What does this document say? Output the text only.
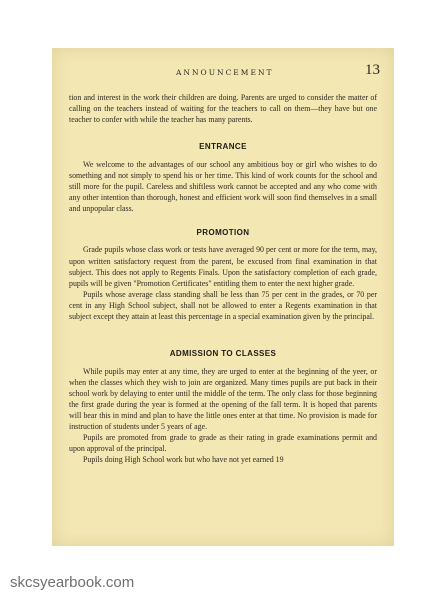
ANNOUNCEMENT	13

tion and interest in the work their children are doing. Parents are urged to consider the matter of calling on the teachers instead of waiting for the teachers to call on them—they have but one teacher to confer with while the teacher has many parents.

ENTRANCE

We welcome to the advantages of our school any ambitious boy or girl who wishes to do something and not simply to spend his or her time. This kind of work counts for the school and still more for the pupil. Careless and shiftless work cannot be accepted and any who come with any other intention than thorough, honest and efficient work will soon find themselves in a small and unpopular class.

PROMOTION

Grade pupils whose class work or tests have averaged 90 per cent or more for the term, may, upon written satisfactory request from the parent, be excused from final examination in that subject. This does not apply to Regents Finals. Upon the satisfactory completion of each grade, pupils will be given "Promotion Certificates" entitling them to enter the next higher grade.

Pupils whose average class standing shall be less than 75 per cent in the grades, or 70 per cent in any High School subject, shall not be allowed to enter a Regents examination in that subject except they attain at least this percentage in a special examination given by the principal.

ADMISSION TO CLASSES

While pupils may enter at any time, they are urged to enter at the beginning of the yeer, or when the classes which they wish to join are organized. Many times pupils are put back in their school work by delaying to enter until the middle of the term. The only class for those beginning the first grade during the year is formed at the opening of the fall term. It is hoped that parents will bear this in mind and plan to have the little ones enter at that time. No provision is made for instruction of students under 5 years of age.

Pupils are promoted from grade to grade as their rating in grade examinations permit and upon approval of the principal.

Pupils doing High School work but who have not yet earned 19

skcsyearbook.com
